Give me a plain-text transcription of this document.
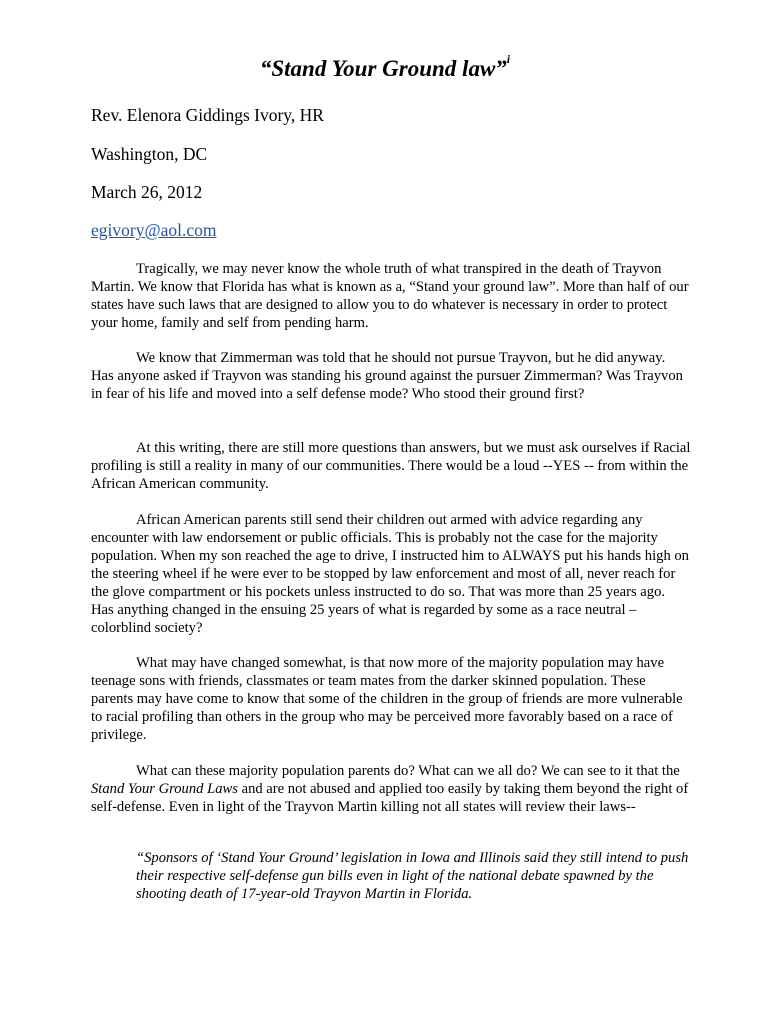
“Stand Your Ground law”$^i$
Rev. Elenora Giddings Ivory, HR
Washington, DC
March 26, 2012
egivory@aol.com

Tragically, we may never know the whole truth of what transpired in the death of Trayvon Martin. We know that Florida has what is known as a, “Stand your ground law”. More than half of our states have such laws that are designed to allow you to do whatever is necessary in order to protect your home, family and self from pending harm.

We know that Zimmerman was told that he should not pursue Trayvon, but he did anyway. Has anyone asked if Trayvon was standing his ground against the pursuer Zimmerman? Was Trayvon in fear of his life and moved into a self defense mode? Who stood their ground first?

At this writing, there are still more questions than answers, but we must ask ourselves if Racial profiling is still a reality in many of our communities. There would be a loud --YES -- from within the African American community.

African American parents still send their children out armed with advice regarding any encounter with law endorsement or public officials. This is probably not the case for the majority population. When my son reached the age to drive, I instructed him to ALWAYS put his hands high on the steering wheel if he were ever to be stopped by law enforcement and most of all, never reach for the glove compartment or his pockets unless instructed to do so. That was more than 25 years ago. Has anything changed in the ensuing 25 years of what is regarded by some as a race neutral –colorblind society?

What may have changed somewhat, is that now more of the majority population may have teenage sons with friends, classmates or team mates from the darker skinned population. These parents may have come to know that some of the children in the group of friends are more vulnerable to racial profiling than others in the group who may be perceived more favorably based on a race of privilege.

What can these majority population parents do? What can we all do? We can see to it that the Stand Your Ground Laws and are not abused and applied too easily by taking them beyond the right of self-defense. Even in light of the Trayvon Martin killing not all states will review their laws--

“Sponsors of ‘Stand Your Ground’ legislation in Iowa and Illinois said they still intend to push their respective self-defense gun bills even in light of the national debate spawned by the shooting death of 17-year-old Trayvon Martin in Florida.
